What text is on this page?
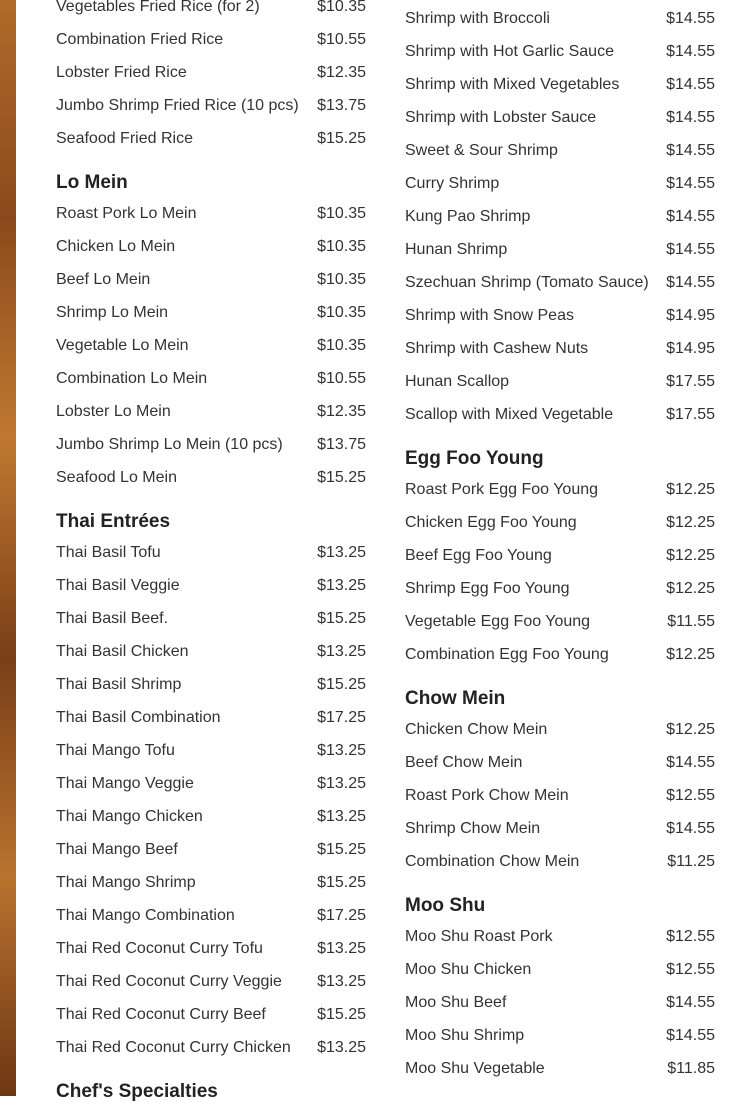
Vegetables Fried Rice (for 2)	$10.35
Combination Fried Rice	$10.55
Lobster Fried Rice	$12.35
Jumbo Shrimp Fried Rice (10 pcs) $13.75
Seafood Fried Rice	$15.25
Lo Mein
Roast Pork Lo Mein	$10.35
Chicken Lo Mein	$10.35
Beef Lo Mein	$10.35
Shrimp Lo Mein	$10.35
Vegetable Lo Mein	$10.35
Combination Lo Mein	$10.55
Lobster Lo Mein	$12.35
Jumbo Shrimp Lo Mein (10 pcs) $13.75
Seafood Lo Mein	$15.25
Thai Entrées
Thai Basil Tofu	$13.25
Thai Basil Veggie	$13.25
Thai Basil Beef.	$15.25
Thai Basil Chicken	$13.25
Thai Basil Shrimp	$15.25
Thai Basil Combination	$17.25
Thai Mango Tofu	$13.25
Thai Mango Veggie	$13.25
Thai Mango Chicken	$13.25
Thai Mango Beef	$15.25
Thai Mango Shrimp	$15.25
Thai Mango Combination	$17.25
Thai Red Coconut Curry Tofu	$13.25
Thai Red Coconut Curry Veggie $13.25
Thai Red Coconut Curry Beef	$15.25
Thai Red Coconut Curry Chicken $13.25
Chef's Specialties
Shrimp with Broccoli	$14.55
Shrimp with Hot Garlic Sauce	$14.55
Shrimp with Mixed Vegetables	$14.55
Shrimp with Lobster Sauce	$14.55
Sweet & Sour Shrimp	$14.55
Curry Shrimp	$14.55
Kung Pao Shrimp	$14.55
Hunan Shrimp	$14.55
Szechuan Shrimp (Tomato Sauce) $14.55
Shrimp with Snow Peas	$14.95
Shrimp with Cashew Nuts	$14.95
Hunan Scallop	$17.55
Scallop with Mixed Vegetable	$17.55
Egg Foo Young
Roast Pork Egg Foo Young	$12.25
Chicken Egg Foo Young	$12.25
Beef Egg Foo Young	$12.25
Shrimp Egg Foo Young	$12.25
Vegetable Egg Foo Young	$11.55
Combination Egg Foo Young	$12.25
Chow Mein
Chicken Chow Mein	$12.25
Beef Chow Mein	$14.55
Roast Pork Chow Mein	$12.55
Shrimp Chow Mein	$14.55
Combination Chow Mein	$11.25
Moo Shu
Moo Shu Roast Pork	$12.55
Moo Shu Chicken	$12.55
Moo Shu Beef	$14.55
Moo Shu Shrimp	$14.55
Moo Shu Vegetable	$11.85
